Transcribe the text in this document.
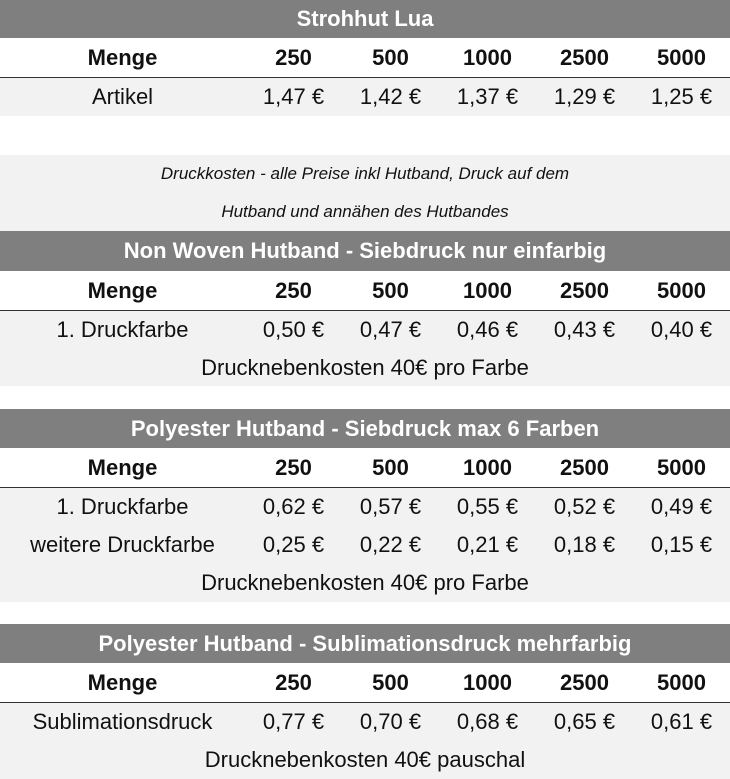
Strohhut Lua
Menge	250	500	1000	2500	5000
Artikel	1,47 €	1,42 €	1,37 €	1,29 €	1,25 €
Druckkosten - alle Preise inkl Hutband, Druck auf dem
Hutband und annähen des Hutbandes
Non Woven Hutband - Siebdruck nur einfarbig
Menge	250	500	1000	2500	5000
1. Druckfarbe	0,50 €	0,47 €	0,46 €	0,43 €	0,40 €
Drucknebenkosten 40€ pro Farbe
Polyester Hutband - Siebdruck max 6 Farben
Menge	250	500	1000	2500	5000
1. Druckfarbe	0,62 €	0,57 €	0,55 €	0,52 €	0,49 €
weitere Druckfarbe	0,25 €	0,22 €	0,21 €	0,18 €	0,15 €
Drucknebenkosten 40€ pro Farbe
Polyester Hutband - Sublimationsdruck mehrfarbig
Menge	250	500	1000	2500	5000
Sublimationsdruck	0,77 €	0,70 €	0,68 €	0,65 €	0,61 €
Drucknebenkosten 40€ pauschal
